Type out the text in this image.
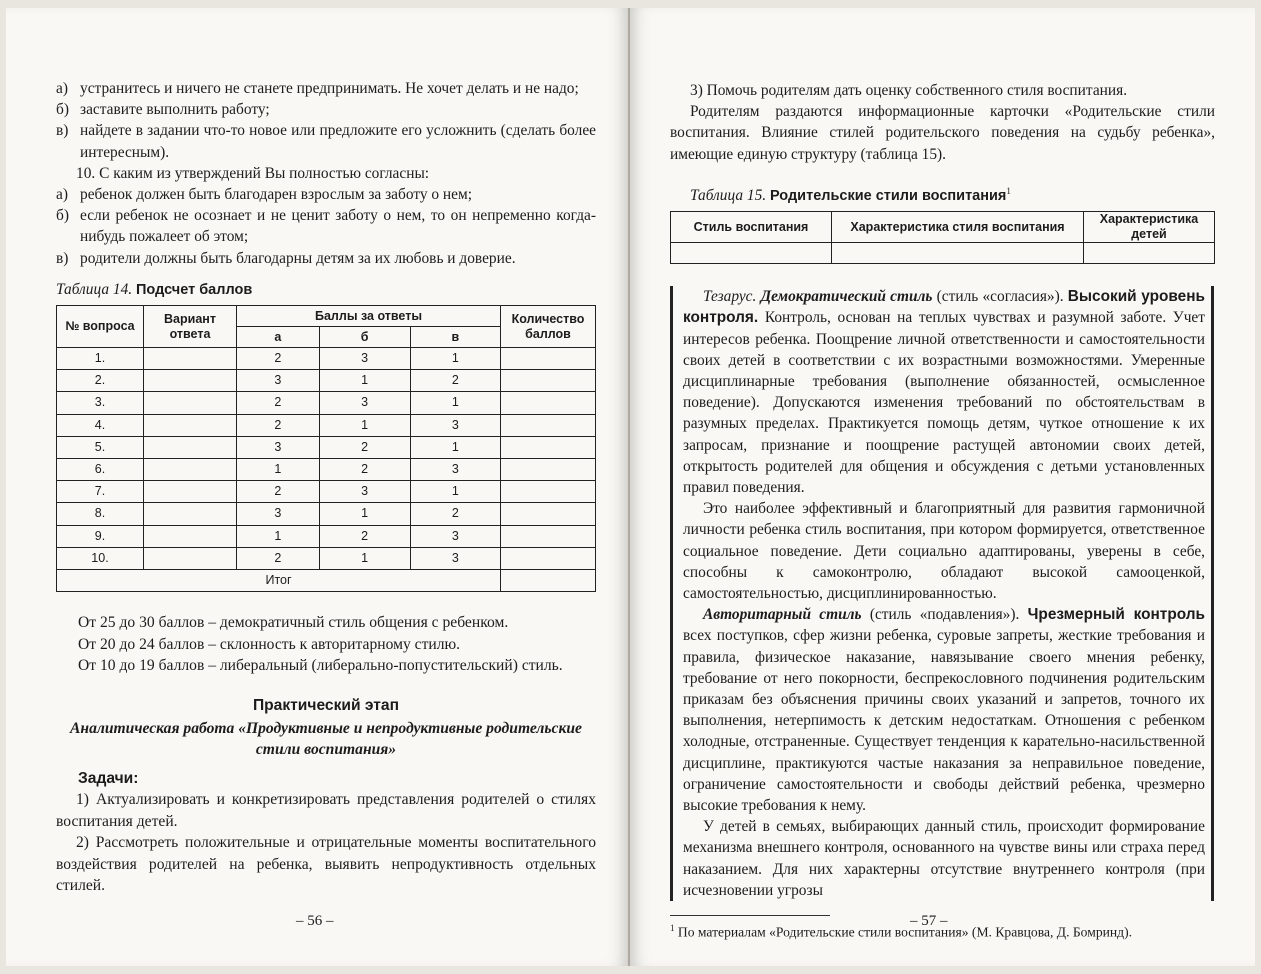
а) устранитесь и ничего не станете предпринимать. Не хочет делать и не надо;
б) заставите выполнить работу;
в) найдете в задании что-то новое или предложите его усложнить (сделать более интересным).

10. С каким из утверждений Вы полностью согласны:

а) ребенок должен быть благодарен взрослым за заботу о нем;
б) если ребенок не осознает и не ценит заботу о нем, то он непременно когда-нибудь пожалеет об этом;
в) родители должны быть благодарны детям за их любовь и доверие.
Таблица 14. Подсчет баллов
№ вопроса	Вариант ответа	Баллы за ответы			Количество баллов
		а	б	в	
1.		2	3	1	
2.		3	1	2	
3.		2	3	1	
4.		2	1	3	
5.		3	2	1	
6.		1	2	3	
7.		2	3	1	
8.		3	1	2	
9.		1	2	3	
10.		2	1	3	
Итог					

От 25 до 30 баллов – демократичный стиль общения с ребенком.

От 20 до 24 баллов – склонность к авторитарному стилю.

От 10 до 19 баллов – либеральный (либерально-попустительский) стиль.

Практический этап

Аналитическая работа «Продуктивные и непродуктивные родительские стили воспитания»

Задачи:

1) Актуализировать и конкретизировать представления родителей о стилях воспитания детей.

2) Рассмотреть положительные и отрицательные моменты воспитательного воздействия родителей на ребенка, выявить непродуктивность отдельных стилей.

– 56 –

3) Помочь родителям дать оценку собственного стиля воспитания.

Родителям раздаются информационные карточки «Родительские стили воспитания. Влияние стилей родительского поведения на судьбу ребенка», имеющие единую структуру (таблица 15).

Таблица 15. Родительские стили воспитания$^1$
Стиль воспитания	Характеристика стиля воспитания	Характеристика детей

Тезарус. Демократический стиль (стиль «согласия»). Высокий уровень контроля. Контроль, основан на теплых чувствах и разумной заботе. Учет интересов ребенка. Поощрение личной ответственности и самостоятельности своих детей в соответствии с их возрастными возможностями. Умеренные дисциплинарные требования (выполнение обязанностей, осмысленное поведение). Допускаются изменения требований по обстоятельствам в разумных пределах. Практикуется помощь детям, чуткое отношение к их запросам, признание и поощрение растущей автономии своих детей, открытость родителей для общения и обсуждения с детьми установленных правил поведения.

Это наиболее эффективный и благоприятный для развития гармоничной личности ребенка стиль воспитания, при котором формируется, ответственное социальное поведение. Дети социально адаптированы, уверены в себе, способны к самоконтролю, обладают высокой самооценкой, самостоятельностью, дисциплинированностью.

Авторитарный стиль (стиль «подавления»). Чрезмерный контроль всех поступков, сфер жизни ребенка, суровые запреты, жесткие требования и правила, физическое наказание, навязывание своего мнения ребенку, требование от него покорности, беспрекословного подчинения родительским приказам без объяснения причины своих указаний и запретов, точного их выполнения, нетерпимость к детским недостаткам. Отношения с ребенком холодные, отстраненные. Существует тенденция к карательно-насильственной дисциплине, практикуются частые наказания за неправильное поведение, ограничение самостоятельности и свободы действий ребенка, чрезмерно высокие требования к нему.

У детей в семьях, выбирающих данный стиль, происходит формирование механизма внешнего контроля, основанного на чувстве вины или страха перед наказанием. Для них характерны отсутствие внутреннего контроля (при исчезновении угрозы

$^1$ По материалам «Родительские стили воспитания» (М. Кравцова, Д. Бомринд).

– 57 –
